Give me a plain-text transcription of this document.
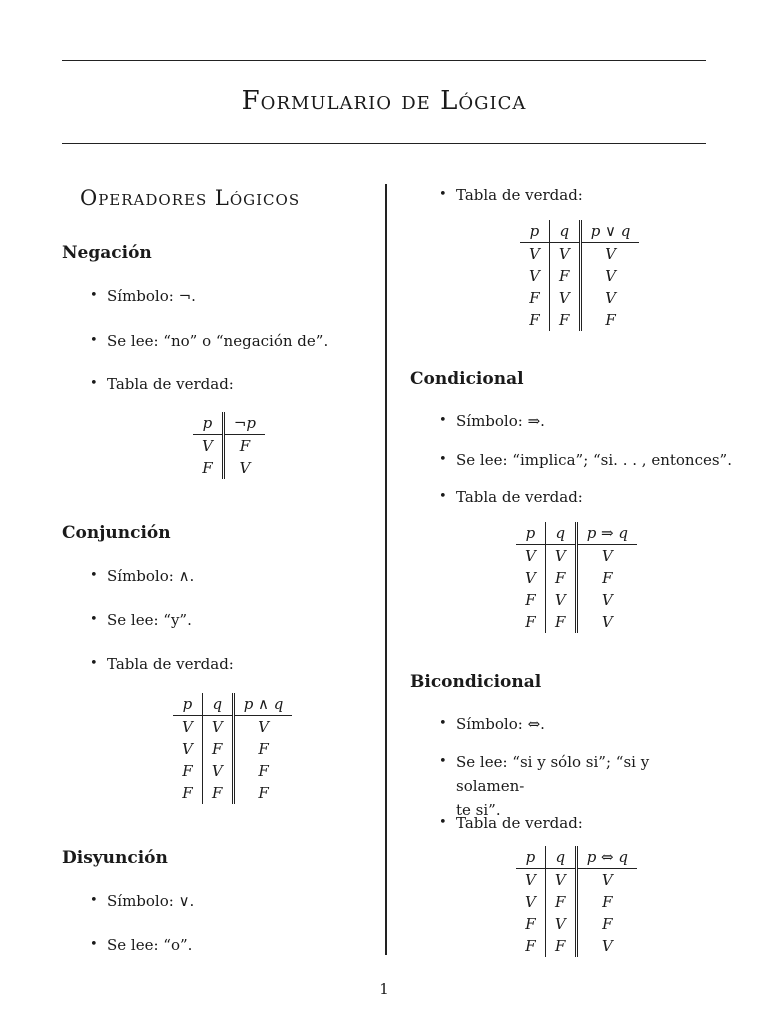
Formulario de Lógica
Operadores Lógicos
Negación
• Símbolo: ¬.
• Se lee: “no” o “negación de”.
• Tabla de verdad:
p	¬p
V	F
F	V
Conjunción
• Símbolo: ∧.
• Se lee: “y”.
• Tabla de verdad:
p	q	p ∧ q
V	V	V
V	F	F
F	V	F
F	F	F
Disyunción
• Símbolo: ∨.
• Se lee: “o”.
• Tabla de verdad:
p	q	p ∨ q
V	V	V
V	F	V
F	V	V
F	F	F
Condicional
• Símbolo: ⇒.
• Se lee: “implica”; “si. . . , entonces”.
• Tabla de verdad:
p	q	p ⇒ q
V	V	V
V	F	F
F	V	V
F	F	V
Bicondicional
• Símbolo: ⇔.
• Se lee: “si y sólo si”; “si y solamen-
te si”.
• Tabla de verdad:
p	q	p ⇔ q
V	V	V
V	F	F
F	V	F
F	F	V
1
